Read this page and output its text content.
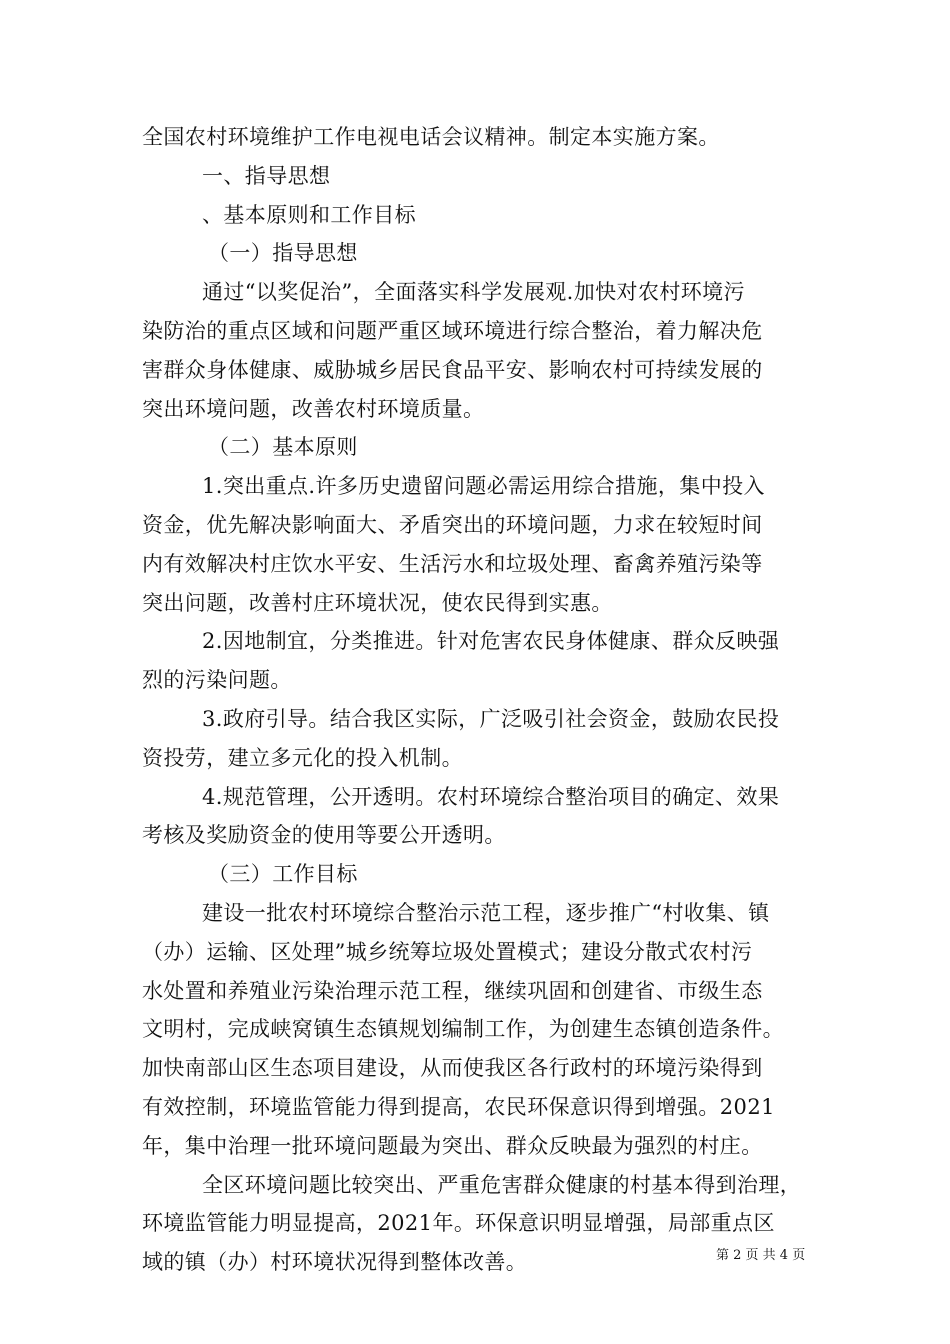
全国农村环境维护工作电视电话会议精神。制定本实施方案。
一、指导思想
、基本原则和工作目标
（一）指导思想
通过“以奖促治”，全面落实科学发展观.加快对农村环境污
染防治的重点区域和问题严重区域环境进行综合整治，着力解决危
害群众身体健康、威胁城乡居民食品平安、影响农村可持续发展的
突出环境问题，改善农村环境质量。
（二）基本原则
1.突出重点.许多历史遗留问题必需运用综合措施，集中投入
资金，优先解决影响面大、矛盾突出的环境问题，力求在较短时间
内有效解决村庄饮水平安、生活污水和垃圾处理、畜禽养殖污染等
突出问题，改善村庄环境状况，使农民得到实惠。
2.因地制宜，分类推进。针对危害农民身体健康、群众反映强
烈的污染问题。
3.政府引导。结合我区实际，广泛吸引社会资金，鼓励农民投
资投劳，建立多元化的投入机制。
4.规范管理，公开透明。农村环境综合整治项目的确定、效果
考核及奖励资金的使用等要公开透明。
（三）工作目标
建设一批农村环境综合整治示范工程，逐步推广“村收集、镇
（办）运输、区处理”城乡统筹垃圾处置模式；建设分散式农村污
水处置和养殖业污染治理示范工程，继续巩固和创建省、市级生态
文明村，完成峡窝镇生态镇规划编制工作，为创建生态镇创造条件。
加快南部山区生态项目建设，从而使我区各行政村的环境污染得到
有效控制，环境监管能力得到提高，农民环保意识得到增强。2021
年，集中治理一批环境问题最为突出、群众反映最为强烈的村庄。
全区环境问题比较突出、严重危害群众健康的村基本得到治理，
环境监管能力明显提高，2021年。环保意识明显增强，局部重点区
域的镇（办）村环境状况得到整体改善。	第 2 页 共 4 页
